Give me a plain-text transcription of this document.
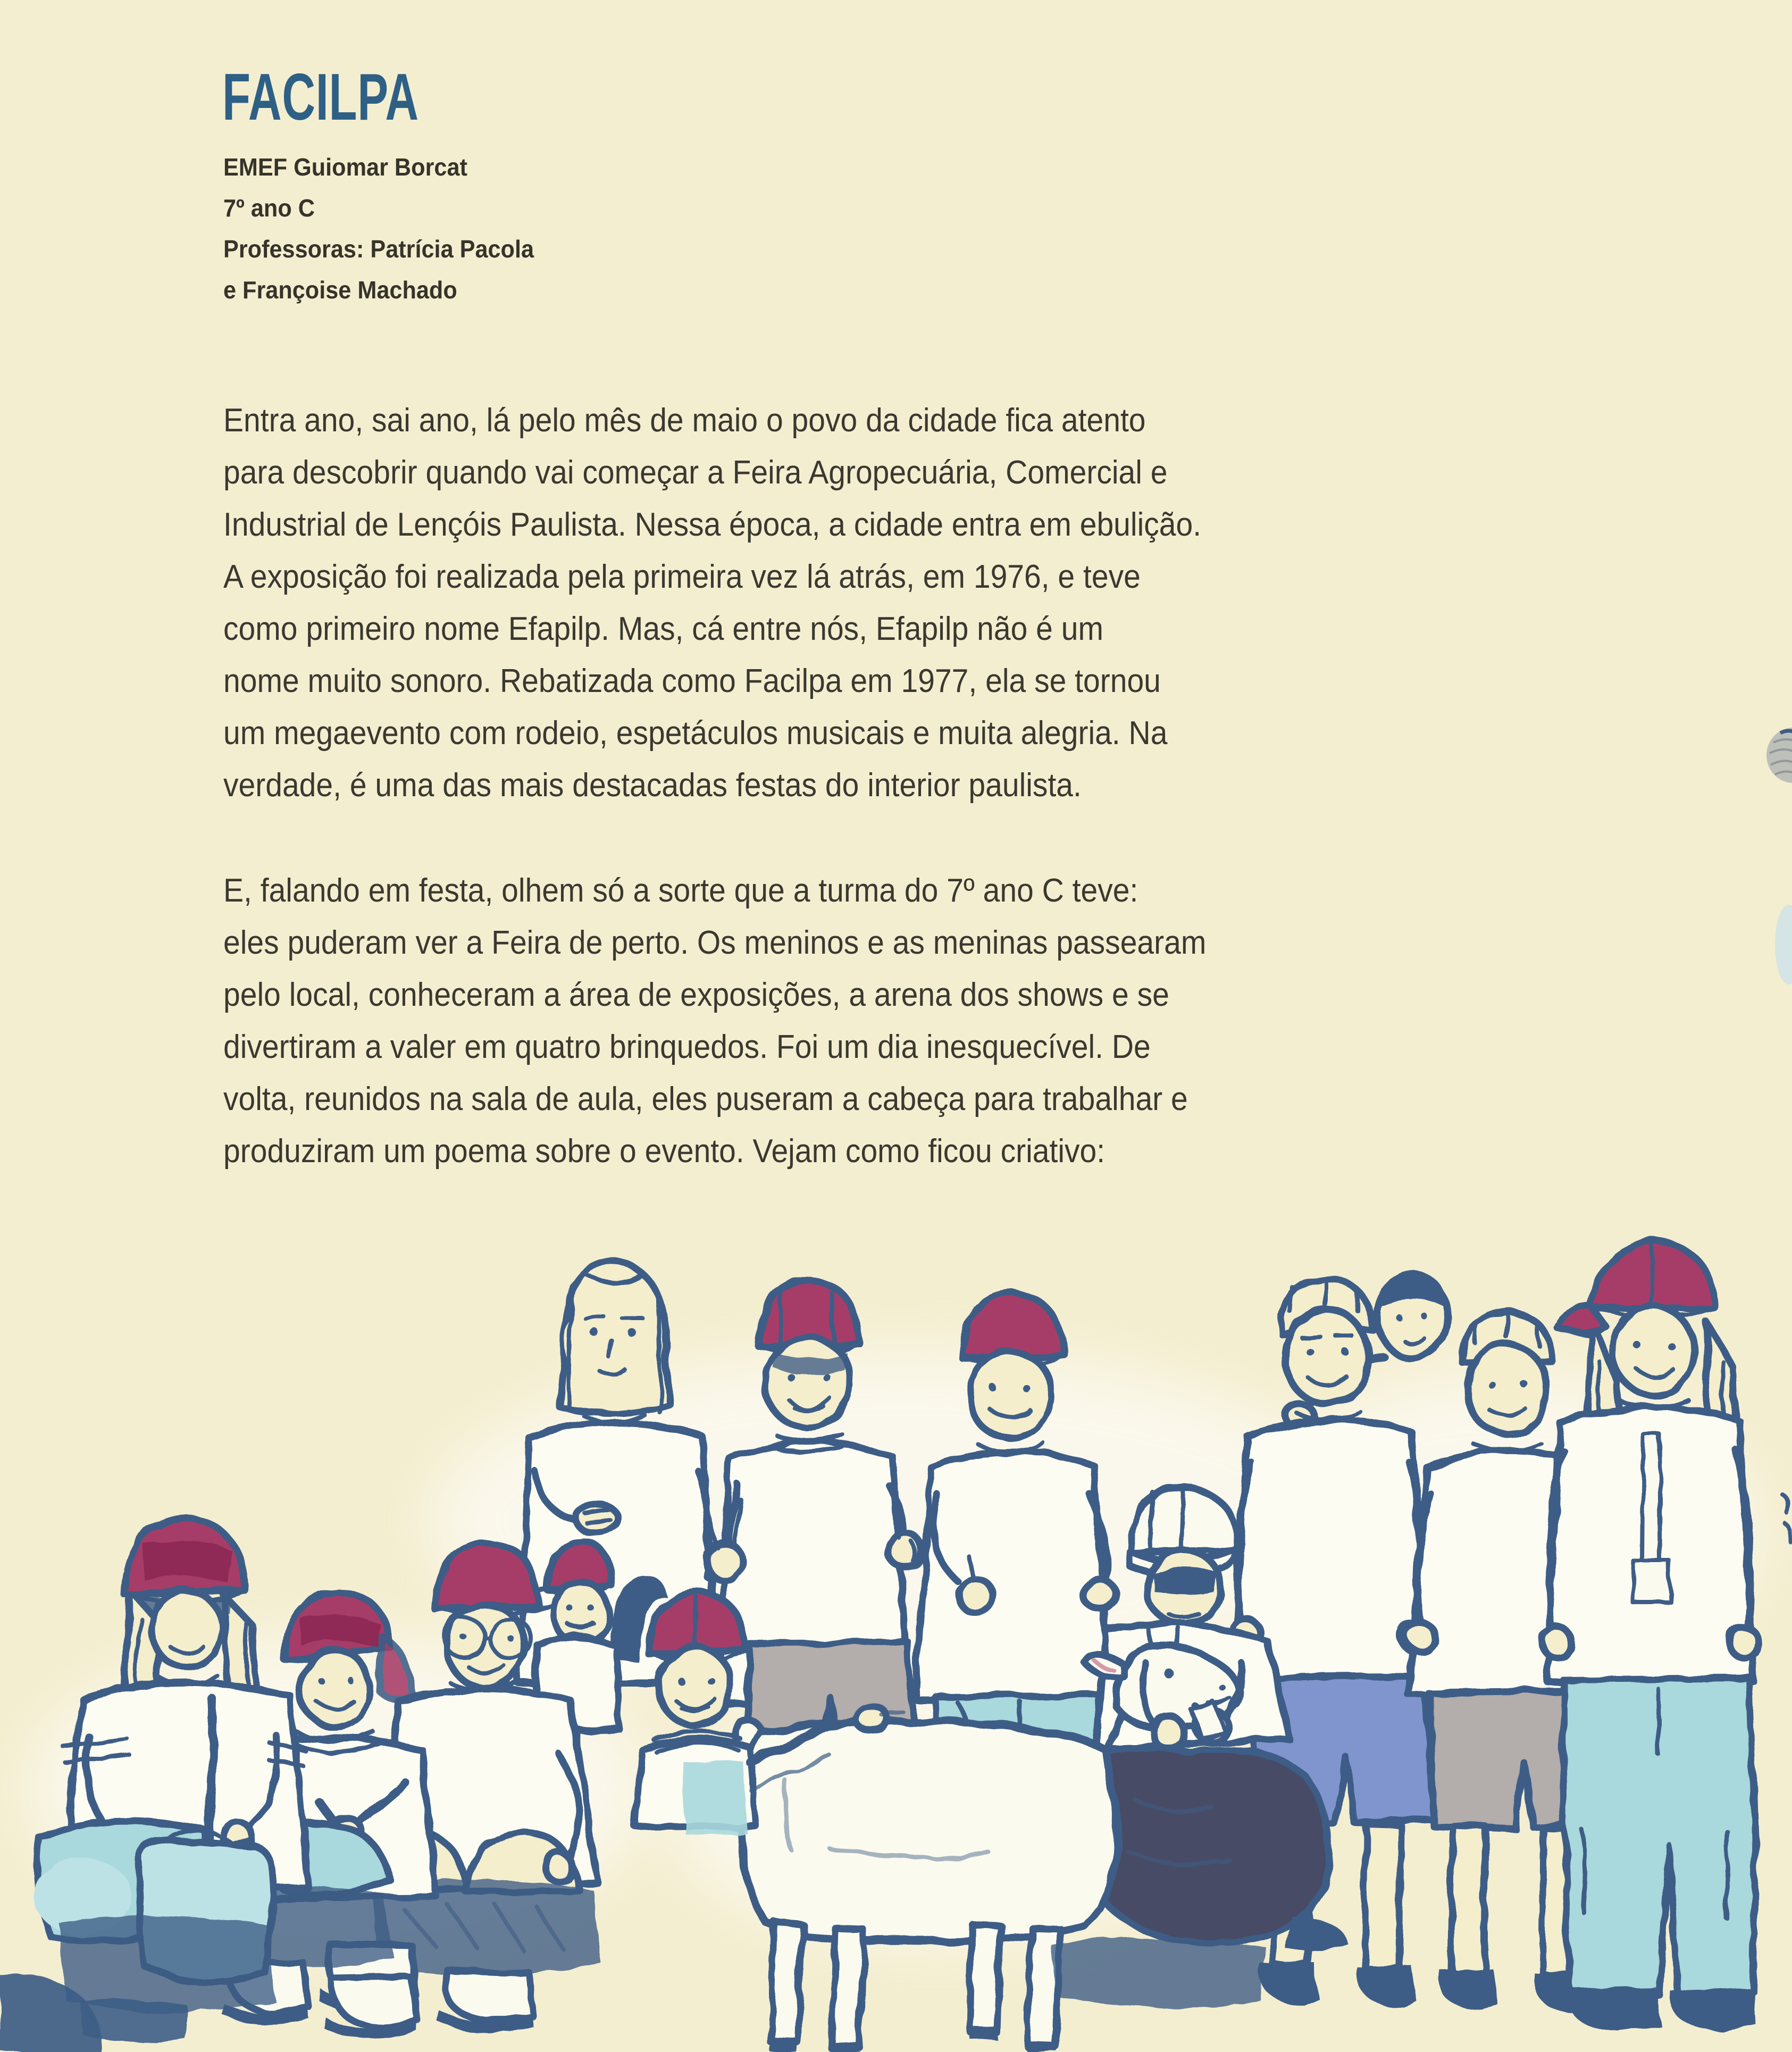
FACILPA
EMEF Guiomar Borcat
7º ano C
Professoras: Patrícia Pacola
e Françoise Machado
Entra ano, sai ano, lá pelo mês de maio o povo da cidade fica atento
para descobrir quando vai começar a Feira Agropecuária, Comercial e
Industrial de Lençóis Paulista. Nessa época, a cidade entra em ebulição.
A exposição foi realizada pela primeira vez lá atrás, em 1976, e teve
como primeiro nome Efapilp. Mas, cá entre nós, Efapilp não é um
nome muito sonoro. Rebatizada como Facilpa em 1977, ela se tornou
um megaevento com rodeio, espetáculos musicais e muita alegria. Na
verdade, é uma das mais destacadas festas do interior paulista.
E, falando em festa, olhem só a sorte que a turma do 7º ano C teve:
eles puderam ver a Feira de perto. Os meninos e as meninas passearam
pelo local, conheceram a área de exposições, a arena dos shows e se
divertiram a valer em quatro brinquedos. Foi um dia inesquecível. De
volta, reunidos na sala de aula, eles puseram a cabeça para trabalhar e
produziram um poema sobre o evento. Vejam como ficou criativo:
